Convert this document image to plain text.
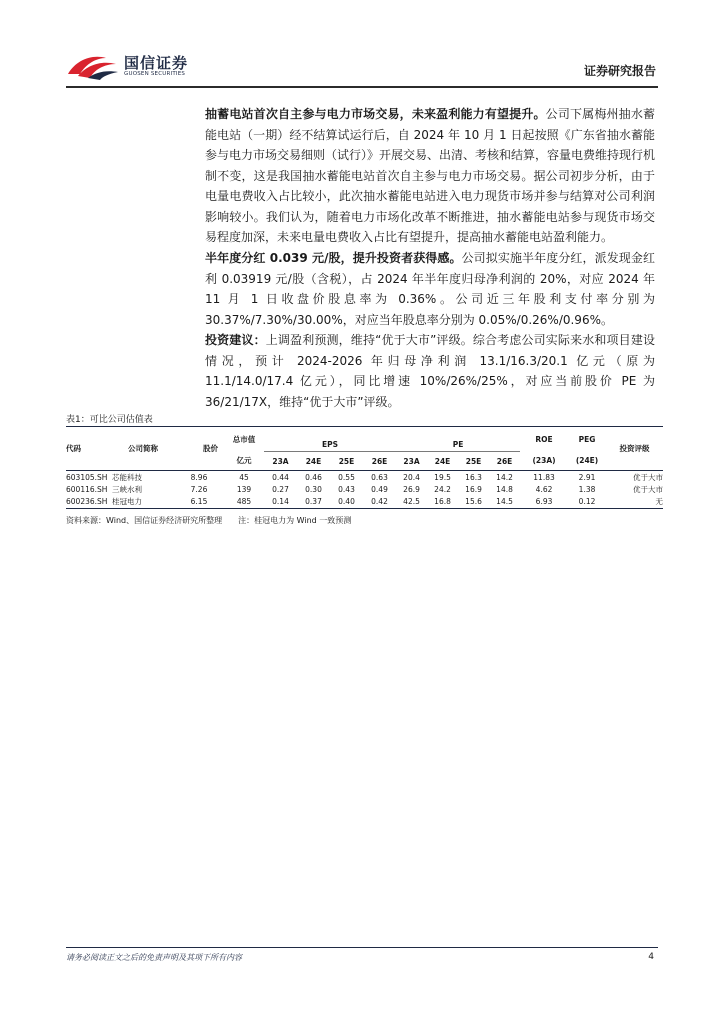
国信证券
GUOSEN SECURITIES	证券研究报告
抽蓄电站首次自主参与电力市场交易，未来盈利能力有望提升。公司下属梅州抽水蓄能电站（一期）经不结算试运行后，自 2024 年 10 月 1 日起按照《广东省抽水蓄能参与电力市场交易细则（试行）》开展交易、出清、考核和结算，容量电费维持现行机制不变，这是我国抽水蓄能电站首次自主参与电力市场交易。据公司初步分析，由于电量电费收入占比较小，此次抽水蓄能电站进入电力现货市场并参与结算对公司利润影响较小。我们认为，随着电力市场化改革不断推进，抽水蓄能电站参与现货市场交易程度加深，未来电量电费收入占比有望提升，提高抽水蓄能电站盈利能力。
半年度分红 0.039 元/股，提升投资者获得感。公司拟实施半年度分红，派发现金红利 0.03919 元/股（含税），占 2024 年半年度归母净利润的 20%，对应 2024 年 11 月 1 日收盘价股息率为 0.36%。公司近三年股利支付率分别为 30.37%/7.30%/30.00%，对应当年股息率分别为 0.05%/0.26%/0.96%。
投资建议：上调盈利预测，维持“优于大市”评级。综合考虑公司实际来水和项目建设情况，预计 2024-2026 年归母净利润 13.1/16.3/20.1 亿元（原为 11.1/14.0/17.4 亿元），同比增速 10%/26%/25%，对应当前股价 PE 为 36/21/17X，维持“优于大市”评级。
表1：可比公司估值表
代码	公司简称	股价	总市值	EPS				PE				ROE	PEG	投资评级
			亿元	23A	24E	25E	26E	23A	24E	25E	26E	(23A)	(24E)	
603105.SH	芯能科技	8.96	45	0.44	0.46	0.55	0.63	20.4	19.5	16.3	14.2	11.83	2.91	优于大市
600116.SH	三峡水利	7.26	139	0.27	0.30	0.43	0.49	26.9	24.2	16.9	14.8	4.62	1.38	优于大市
600236.SH	桂冠电力	6.15	485	0.14	0.37	0.40	0.42	42.5	16.8	15.6	14.5	6.93	0.12	无
资料来源：Wind、国信证券经济研究所整理 注：桂冠电力为 Wind 一致预测
请务必阅读正文之后的免责声明及其项下所有内容	4
